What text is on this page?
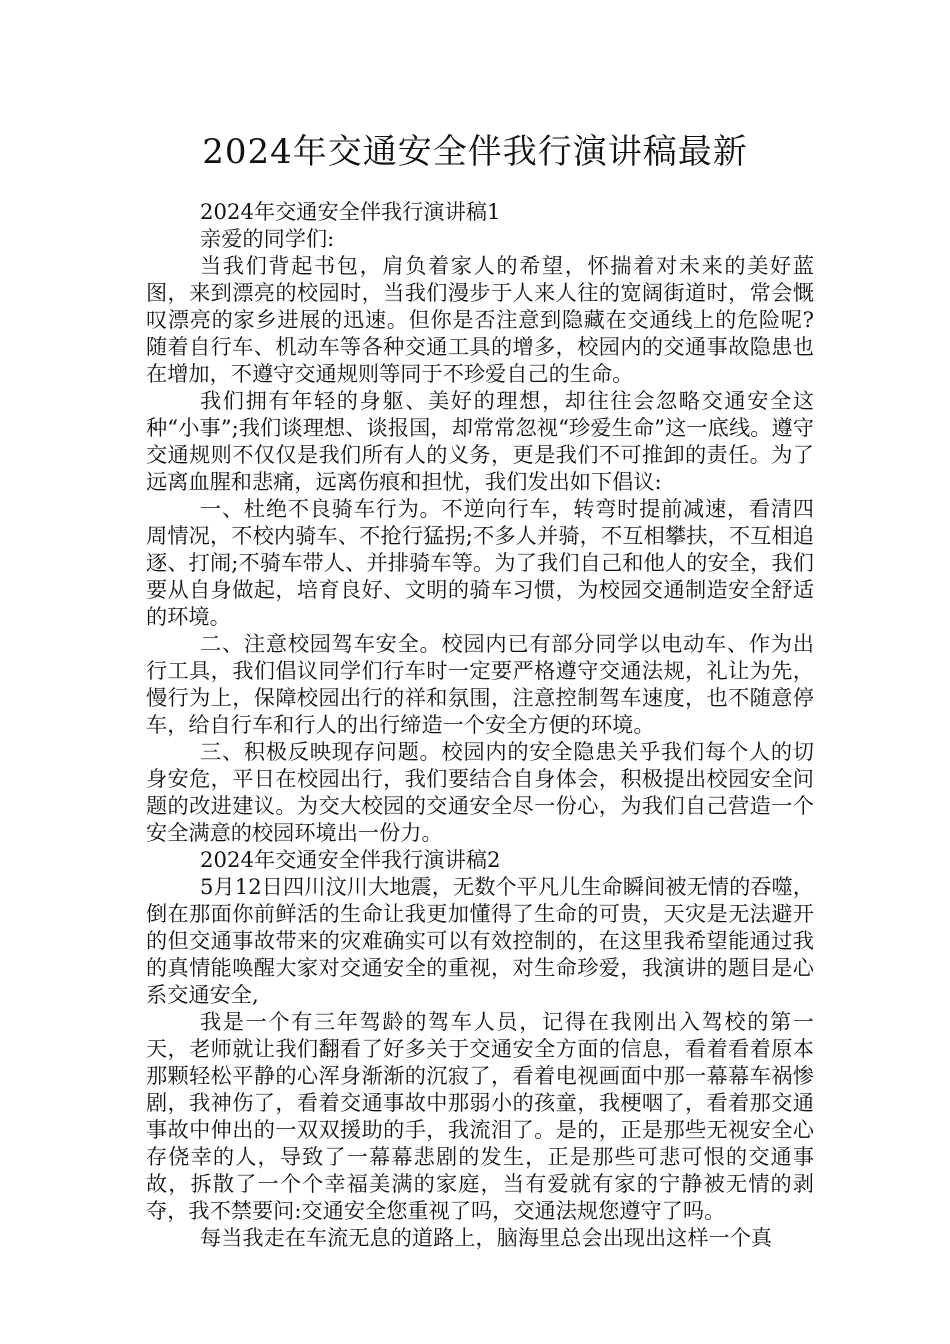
2024年交通安全伴我行演讲稿最新

2024年交通安全伴我行演讲稿1

亲爱的同学们:

当我们背起书包，肩负着家人的希望，怀揣着对未来的美好蓝图，来到漂亮的校园时，当我们漫步于人来人往的宽阔街道时，常会慨叹漂亮的家乡进展的迅速。但你是否注意到隐藏在交通线上的危险呢?随着自行车、机动车等各种交通工具的增多，校园内的交通事故隐患也在增加，不遵守交通规则等同于不珍爱自己的生命。

我们拥有年轻的身躯、美好的理想，却往往会忽略交通安全这种“小事”;我们谈理想、谈报国，却常常忽视“珍爱生命”这一底线。遵守交通规则不仅仅是我们所有人的义务，更是我们不可推卸的责任。为了远离血腥和悲痛，远离伤痕和担忧，我们发出如下倡议:

一、杜绝不良骑车行为。不逆向行车，转弯时提前减速，看清四周情况，不校内骑车、不抢行猛拐;不多人并骑，不互相攀扶，不互相追逐、打闹;不骑车带人、并排骑车等。为了我们自己和他人的安全，我们要从自身做起，培育良好、文明的骑车习惯，为校园交通制造安全舒适的环境。

二、注意校园驾车安全。校园内已有部分同学以电动车、作为出行工具，我们倡议同学们行车时一定要严格遵守交通法规，礼让为先，慢行为上，保障校园出行的祥和氛围，注意控制驾车速度，也不随意停车，给自行车和行人的出行缔造一个安全方便的环境。

三、积极反映现存问题。校园内的安全隐患关乎我们每个人的切身安危，平日在校园出行，我们要结合自身体会，积极提出校园安全问题的改进建议。为交大校园的交通安全尽一份心，为我们自己营造一个安全满意的校园环境出一份力。

2024年交通安全伴我行演讲稿2

5月12日四川汶川大地震，无数个平凡儿生命瞬间被无情的吞噬，倒在那面你前鲜活的生命让我更加懂得了生命的可贵，天灾是无法避开的但交通事故带来的灾难确实可以有效控制的，在这里我希望能通过我的真情能唤醒大家对交通安全的重视，对生命珍爱，我演讲的题目是心系交通安全,

我是一个有三年驾龄的驾车人员，记得在我刚出入驾校的第一天，老师就让我们翻看了好多关于交通安全方面的信息，看着看着原本那颗轻松平静的心浑身渐渐的沉寂了，看着电视画面中那一幕幕车祸惨剧，我神伤了，看着交通事故中那弱小的孩童，我梗咽了，看着那交通事故中伸出的一双双援助的手，我流泪了。是的，正是那些无视安全心存侥幸的人，导致了一幕幕悲剧的发生，正是那些可悲可恨的交通事故，拆散了一个个幸福美满的家庭，当有爱就有家的宁静被无情的剥夺，我不禁要问:交通安全您重视了吗，交通法规您遵守了吗。

每当我走在车流无息的道路上，脑海里总会出现出这样一个真
